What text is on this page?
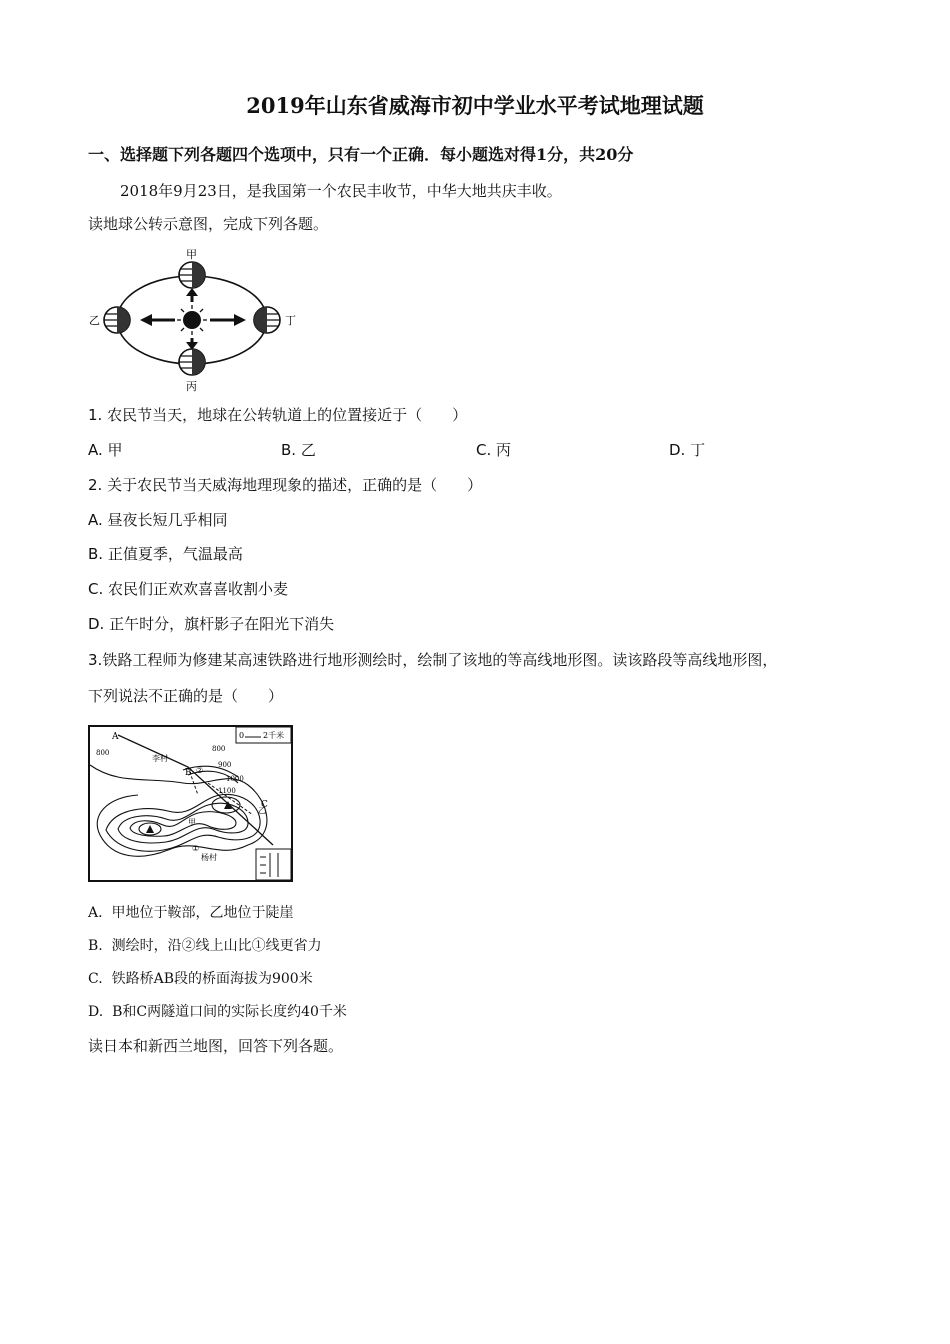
2019年山东省威海市初中学业水平考试地理试题
一、选择题下列各题四个选项中，只有一个正确．每小题选对得1分，共20分
2018年9月23日，是我国第一个农民丰收节，中华大地共庆丰收。
读地球公转示意图，完成下列各题。
甲
乙
丙
丁
1. 农民节当天，地球在公转轨道上的位置接近于（　　）
A. 甲	B. 乙	C. 丙	D. 丁
2. 关于农民节当天威海地理现象的描述，正确的是（　　）
A. 昼夜长短几乎相同
B. 正值夏季，气温最高
C. 农民们正欢欢喜喜收割小麦
D. 正午时分，旗杆影子在阳光下消失
3.铁路工程师为修建某高速铁路进行地形测绘时，绘制了该地的等高线地形图。读该路段等高线地形图，
下列说法不正确的是（　　）
0 2千米
A
B
C
李村
杨村
甲
乙
①
②
800	800
900
1000
1100
A. 甲地位于鞍部，乙地位于陡崖
B. 测绘时，沿②线上山比①线更省力
C. 铁路桥AB段的桥面海拔为900米
D. B和C两隧道口间的实际长度约40千米
读日本和新西兰地图，回答下列各题。
